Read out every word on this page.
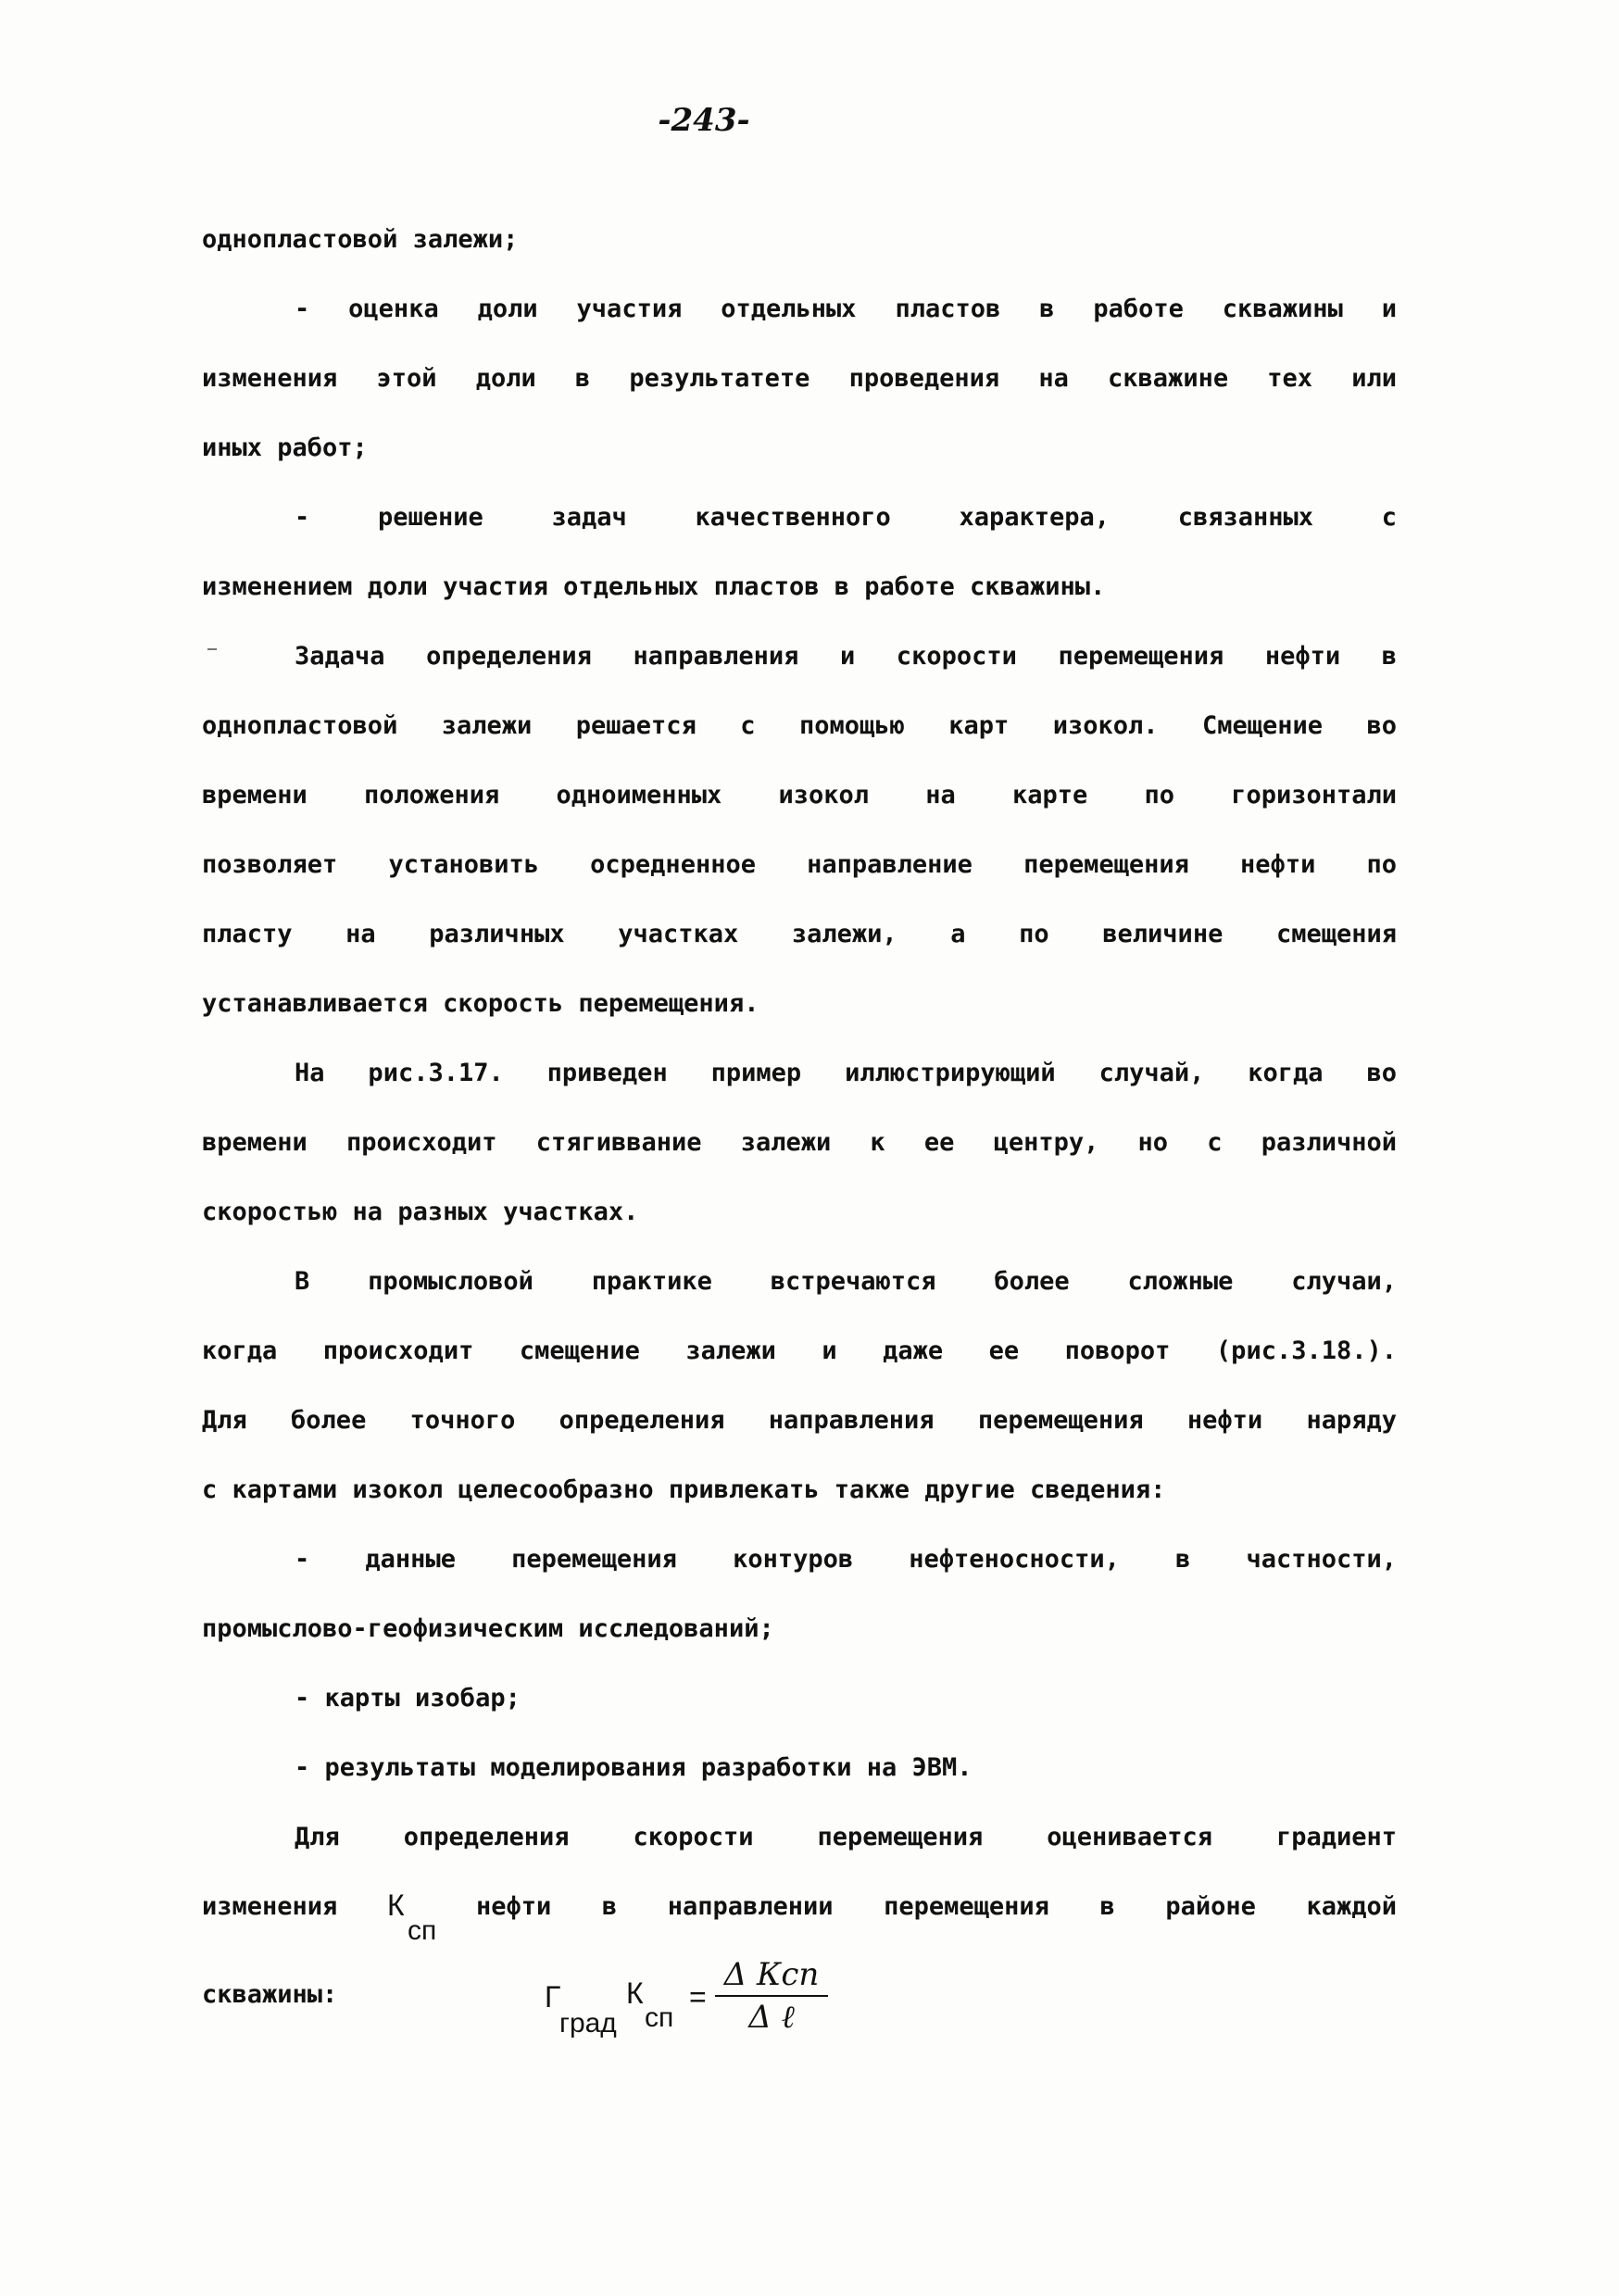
-243-
однопластовой залежи;
- оценка доли участия отдельных пластов в работе скважины и
изменения этой доли в результатете проведения на скважине тех или
иных работ;
- решение задач качественного характера, связанных с
изменением доли участия отдельных пластов в работе скважины.
Задача определения направления и скорости перемещения нефти в
однопластовой залежи решается с помощью карт изокол. Смещение во
времени положения одноименных изокол на карте по горизонтали
позволяет установить осредненное направление перемещения нефти по
пласту на различных участках залежи, а по величине смещения
устанавливается скорость перемещения.
На рис.3.17. приведен пример иллюстрирующий случай, когда во
времени происходит стягиввание залежи к ее центру, но с различной
скоростью на разных участках.
В промысловой практике встречаются более сложные случаи,
когда происходит смещение залежи и даже ее поворот (рис.3.18.).
Для более точного определения направления перемещения нефти наряду
с картами изокол целесообразно привлекать также другие сведения:
- данные перемещения контуров нефтеносности, в частности,
промыслово-геофизическим исследований;
- карты изобар;
- результаты моделирования разработки на ЭВМ.
Для определения скорости перемещения оценивается градиент
изменения К
сп
нефти в направлении перемещения в районе каждой
скважины:	Г
град
К
сп
=
Δ Ксп
Δ ℓ
